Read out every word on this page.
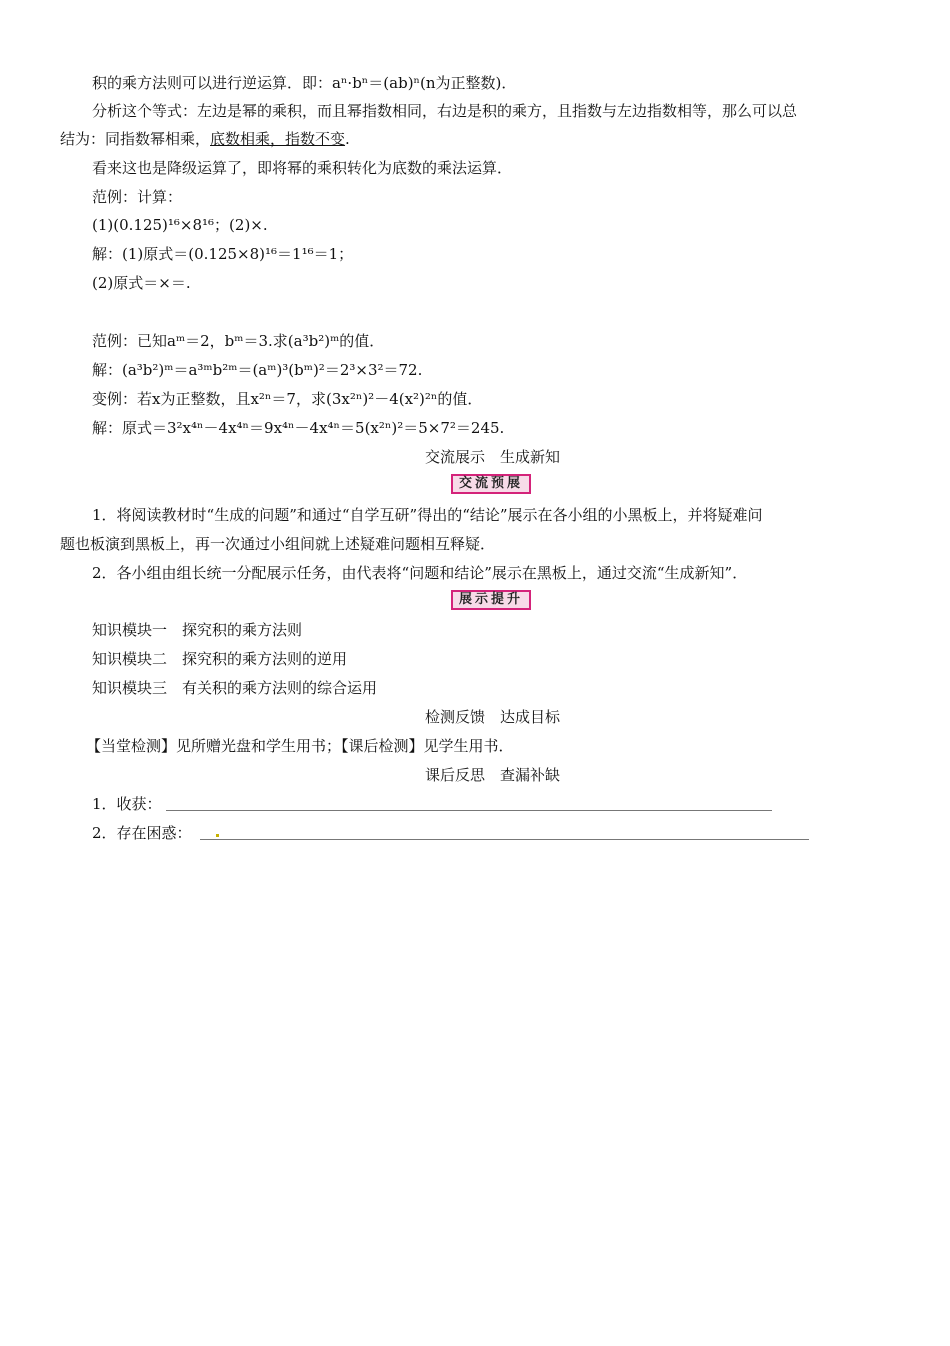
积的乘方法则可以进行逆运算．即：aⁿ·bⁿ＝(ab)ⁿ(n为正整数)．
分析这个等式：左边是幂的乘积，而且幂指数相同，右边是积的乘方，且指数与左边指数相等，那么可以总
结为：同指数幂相乘，底数相乘，指数不变.
看来这也是降级运算了，即将幂的乘积转化为底数的乘法运算．
范例：计算：
(1)(0.125)¹⁶×8¹⁶；(2)×.
解：(1)原式＝(0.125×8)¹⁶＝1¹⁶＝1；
(2)原式＝×＝.
范例：已知aᵐ＝2，bᵐ＝3.求(a³b²)ᵐ的值．
解：(a³b²)ᵐ＝a³ᵐb²ᵐ＝(aᵐ)³(bᵐ)²＝2³×3²＝72.
变例：若x为正整数，且x²ⁿ＝7，求(3x²ⁿ)²－4(x²)²ⁿ的值．
解：原式＝3²x⁴ⁿ－4x⁴ⁿ＝9x⁴ⁿ－4x⁴ⁿ＝5(x²ⁿ)²＝5×7²＝245.
交流展示　生成新知
交流预展
1．将阅读教材时“生成的问题”和通过“自学互研”得出的“结论”展示在各小组的小黑板上，并将疑难问
题也板演到黑板上，再一次通过小组间就上述疑难问题相互释疑．
2．各小组由组长统一分配展示任务，由代表将“问题和结论”展示在黑板上，通过交流“生成新知”．
展示提升
知识模块一　探究积的乘方法则
知识模块二　探究积的乘方法则的逆用
知识模块三　有关积的乘方法则的综合运用
检测反馈　达成目标
【当堂检测】见所赠光盘和学生用书；【课后检测】见学生用书．
课后反思　查漏补缺
1．收获：
2．存在困惑：
